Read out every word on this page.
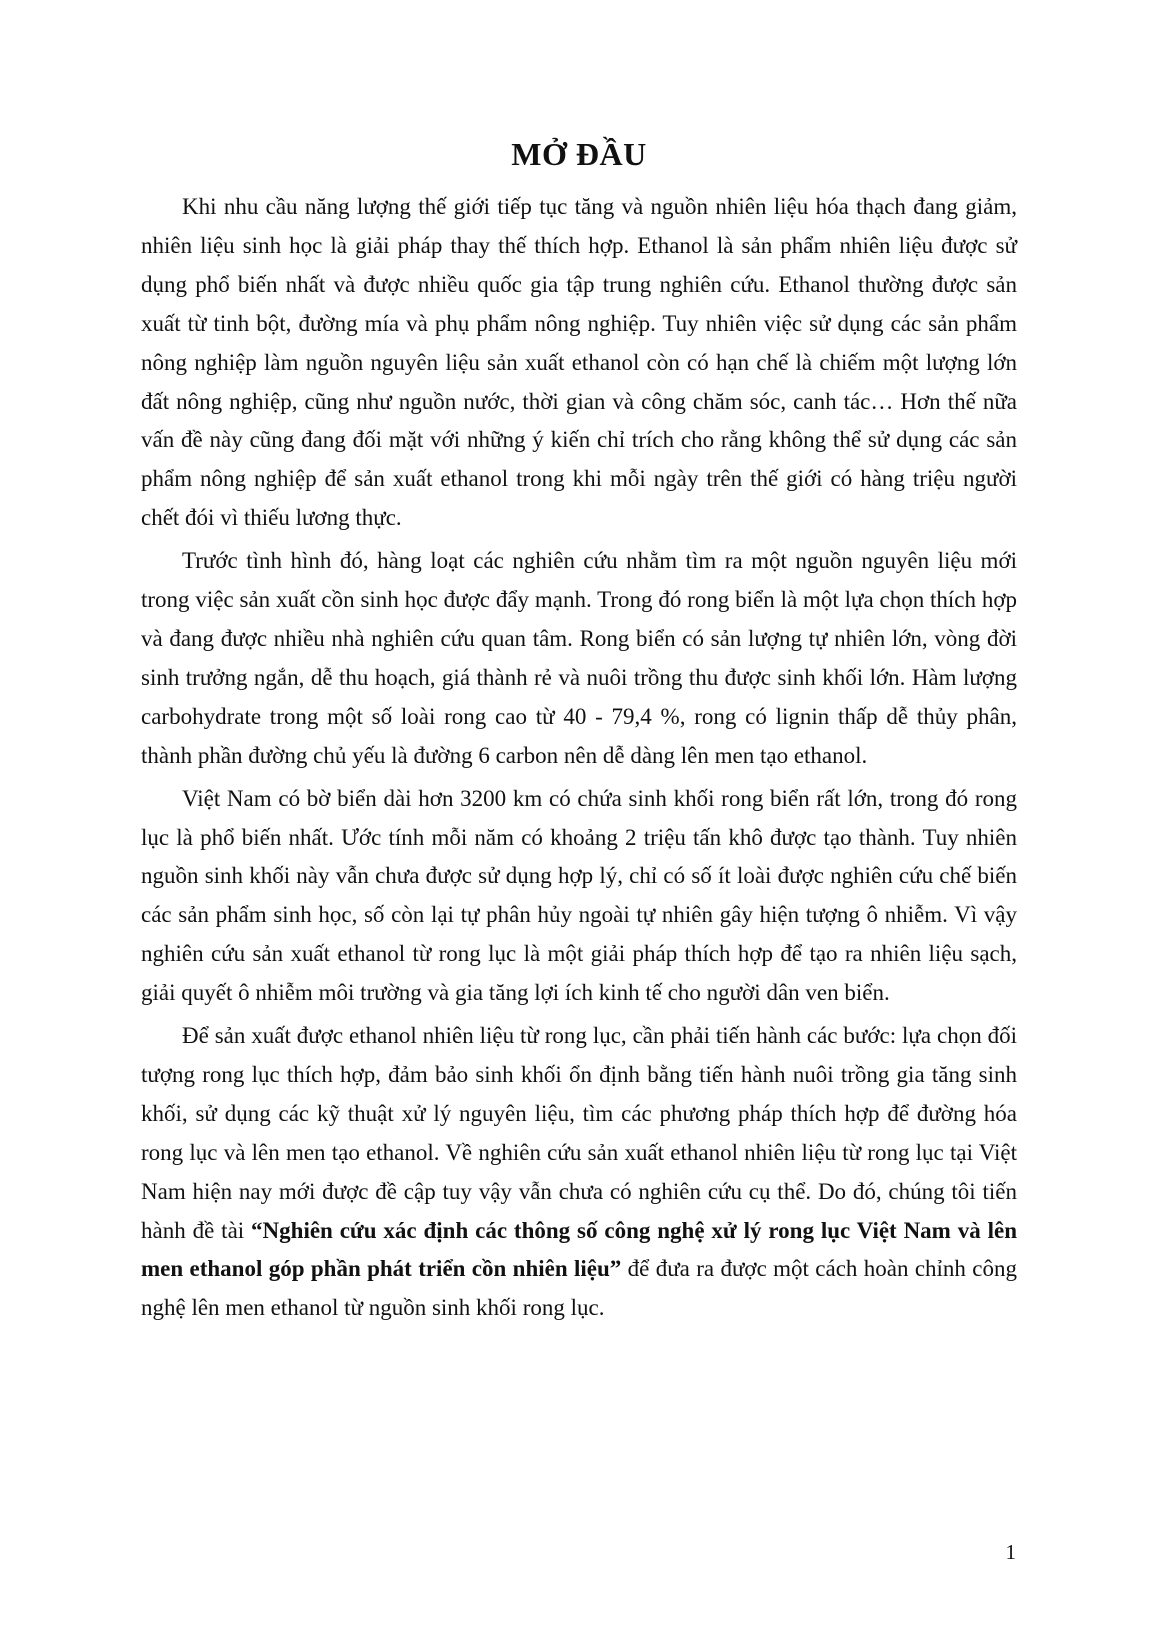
MỞ ĐẦU

Khi nhu cầu năng lượng thế giới tiếp tục tăng và nguồn nhiên liệu hóa thạch đang giảm, nhiên liệu sinh học là giải pháp thay thế thích hợp. Ethanol là sản phẩm nhiên liệu được sử dụng phổ biến nhất và được nhiều quốc gia tập trung nghiên cứu. Ethanol thường được sản xuất từ tinh bột, đường mía và phụ phẩm nông nghiệp. Tuy nhiên việc sử dụng các sản phẩm nông nghiệp làm nguồn nguyên liệu sản xuất ethanol còn có hạn chế là chiếm một lượng lớn đất nông nghiệp, cũng như nguồn nước, thời gian và công chăm sóc, canh tác… Hơn thế nữa vấn đề này cũng đang đối mặt với những ý kiến chỉ trích cho rằng không thể sử dụng các sản phẩm nông nghiệp để sản xuất ethanol trong khi mỗi ngày trên thế giới có hàng triệu người chết đói vì thiếu lương thực.

Trước tình hình đó, hàng loạt các nghiên cứu nhằm tìm ra một nguồn nguyên liệu mới trong việc sản xuất cồn sinh học được đẩy mạnh. Trong đó rong biển là một lựa chọn thích hợp và đang được nhiều nhà nghiên cứu quan tâm. Rong biển có sản lượng tự nhiên lớn, vòng đời sinh trưởng ngắn, dễ thu hoạch, giá thành rẻ và nuôi trồng thu được sinh khối lớn. Hàm lượng carbohydrate trong một số loài rong cao từ 40 - 79,4 %, rong có lignin thấp dễ thủy phân, thành phần đường chủ yếu là đường 6 carbon nên dễ dàng lên men tạo ethanol.

Việt Nam có bờ biển dài hơn 3200 km có chứa sinh khối rong biển rất lớn, trong đó rong lục là phổ biến nhất. Ước tính mỗi năm có khoảng 2 triệu tấn khô được tạo thành. Tuy nhiên nguồn sinh khối này vẫn chưa được sử dụng hợp lý, chỉ có số ít loài được nghiên cứu chế biến các sản phẩm sinh học, số còn lại tự phân hủy ngoài tự nhiên gây hiện tượng ô nhiễm. Vì vậy nghiên cứu sản xuất ethanol từ rong lục là một giải pháp thích hợp để tạo ra nhiên liệu sạch, giải quyết ô nhiễm môi trường và gia tăng lợi ích kinh tế cho người dân ven biển.

Để sản xuất được ethanol nhiên liệu từ rong lục, cần phải tiến hành các bước: lựa chọn đối tượng rong lục thích hợp, đảm bảo sinh khối ổn định bằng tiến hành nuôi trồng gia tăng sinh khối, sử dụng các kỹ thuật xử lý nguyên liệu, tìm các phương pháp thích hợp để đường hóa rong lục và lên men tạo ethanol. Về nghiên cứu sản xuất ethanol nhiên liệu từ rong lục tại Việt Nam hiện nay mới được đề cập tuy vậy vẫn chưa có nghiên cứu cụ thể. Do đó, chúng tôi tiến hành đề tài “Nghiên cứu xác định các thông số công nghệ xử lý rong lục Việt Nam và lên men ethanol góp phần phát triển cồn nhiên liệu” để đưa ra được một cách hoàn chỉnh công nghệ lên men ethanol từ nguồn sinh khối rong lục.

1
